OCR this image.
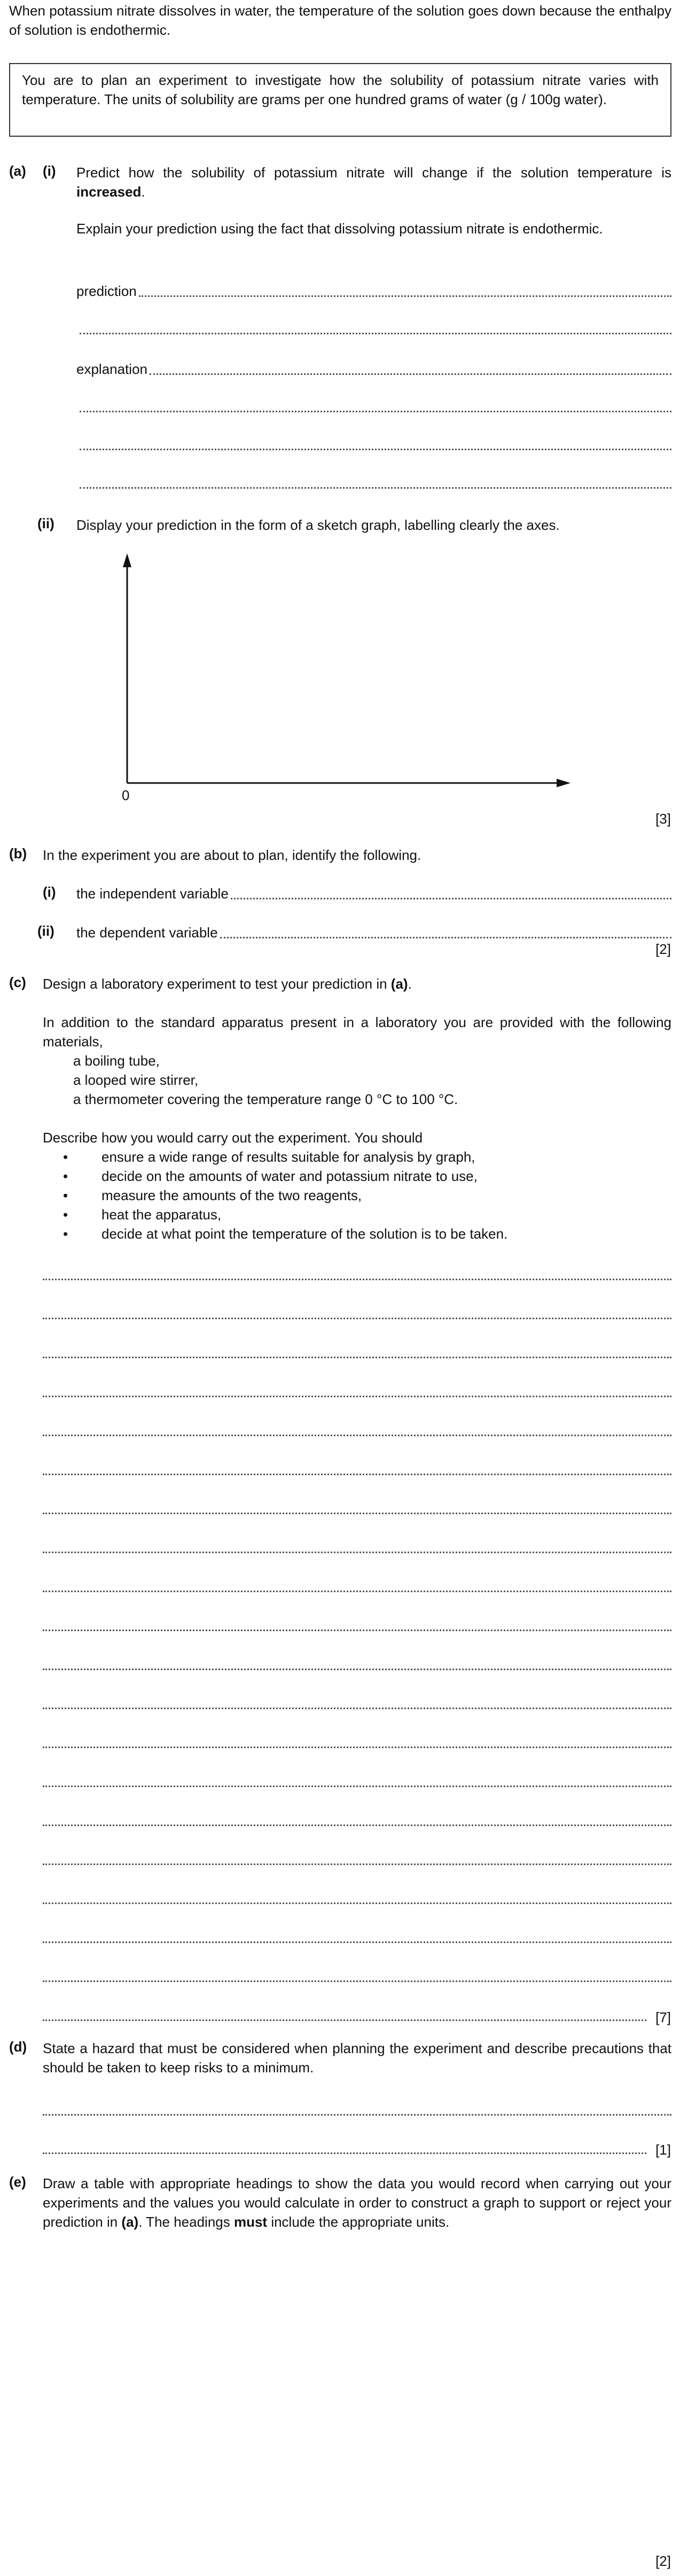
When potassium nitrate dissolves in water, the temperature of the solution goes down because the enthalpy of solution is endothermic.
You are to plan an experiment to investigate how the solubility of potassium nitrate varies with temperature. The units of solubility are grams per one hundred grams of water (g / 100g water).
(a) (i) Predict how the solubility of potassium nitrate will change if the solution temperature is increased.
Explain your prediction using the fact that dissolving potassium nitrate is endothermic.
prediction
explanation
(ii) Display your prediction in the form of a sketch graph, labelling clearly the axes.
0
[3]
(b) In the experiment you are about to plan, identify the following.
(i) the independent variable
(ii) the dependent variable
[2]
(c) Design a laboratory experiment to test your prediction in (a).
In addition to the standard apparatus present in a laboratory you are provided with the following materials,
a boiling tube,
a looped wire stirrer,
a thermometer covering the temperature range 0 °C to 100 °C.
Describe how you would carry out the experiment. You should
• ensure a wide range of results suitable for analysis by graph,
• decide on the amounts of water and potassium nitrate to use,
• measure the amounts of the two reagents,
• heat the apparatus,
• decide at what point the temperature of the solution is to be taken.
[7]
(d) State a hazard that must be considered when planning the experiment and describe precautions that should be taken to keep risks to a minimum.
[1]
(e) Draw a table with appropriate headings to show the data you would record when carrying out your experiments and the values you would calculate in order to construct a graph to support or reject your prediction in (a). The headings must include the appropriate units.
[2]
